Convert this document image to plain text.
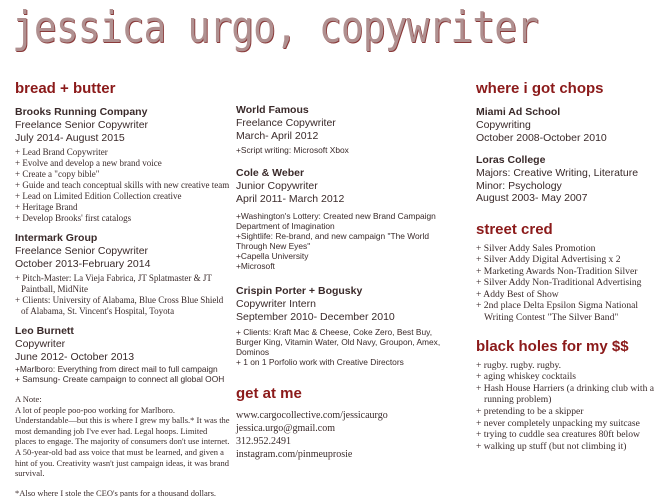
jessica urgo, copywriter
bread + butter
Brooks Running Company
Freelance Senior Copywriter
July 2014- August 2015
+ Lead Brand Copywriter
+ Evolve and develop a new brand voice
+ Create a "copy bible"
+ Guide and teach conceptual skills with new creative team
+ Lead on Limited Edition Collection creative
+ Heritage Brand
+ Develop Brooks' first catalogs
Intermark Group
Freelance Senior Copywriter
October 2013-February 2014
+ Pitch-Master: La Vieja Fabrica, JT Splatmaster & JT Paintball, MidNite
+ Clients: University of Alabama, Blue Cross Blue Shield of Alabama, St. Vincent's Hospital, Toyota
Leo Burnett
Copywriter
June 2012- October 2013
+Marlboro: Everything from direct mail to full campaign
+ Samsung- Create campaign to connect all global OOH
A Note:
A lot of people poo-poo working for Marlboro. Understandable—but this is where I grew my balls.* It was the most demanding job I've ever had. Legal hoops. Limited places to engage. The majority of consumers don't use internet. A 50-year-old bad ass voice that must be learned, and given a hint of you. Creativity wasn't just campaign ideas, it was brand survival.
*Also where I stole the CEO's pants for a thousand dollars.
World Famous
Freelance Copywriter
March- April 2012
+Script writing: Microsoft Xbox
Cole & Weber
Junior Copywriter
April 2011- March 2012
+Washington's Lottery: Created new Brand Campaign Department of Imagination
+Sightlife: Re-brand, and new campaign "The World Through New Eyes"
+Capella University
+Microsoft
Crispin Porter + Bogusky
Copywriter Intern
September 2010- December 2010
+ Clients: Kraft Mac & Cheese, Coke Zero, Best Buy, Burger King, Vitamin Water, Old Navy, Groupon, Amex, Dominos
+ 1 on 1 Porfolio work with Creative Directors
get at me

www.cargocollective.com/jessicaurgo

jessica.urgo@gmail.com

312.952.2491

instagram.com/pinmeuprosie

where i got chops
Miami Ad School
Copywriting
October 2008-October 2010
Loras College
Majors: Creative Writing, Literature
Minor: Psychology
August 2003- May 2007
street cred
+ Silver Addy Sales Promotion
+ Silver Addy Digital Advertising x 2
+ Marketing Awards Non-Tradition Silver
+ Silver Addy Non-Traditional Advertising
+ Addy Best of Show
+ 2nd place Delta Epsilon Sigma National Writing Contest "The Silver Band"
black holes for my $$
+ rugby. rugby. rugby.
+ aging whiskey cocktails
+ Hash House Harriers (a drinking club with a running problem)
+ pretending to be a skipper
+ never completely unpacking my suitcase
+ trying to cuddle sea creatures 80ft below
+ walking up stuff (but not climbing it)
